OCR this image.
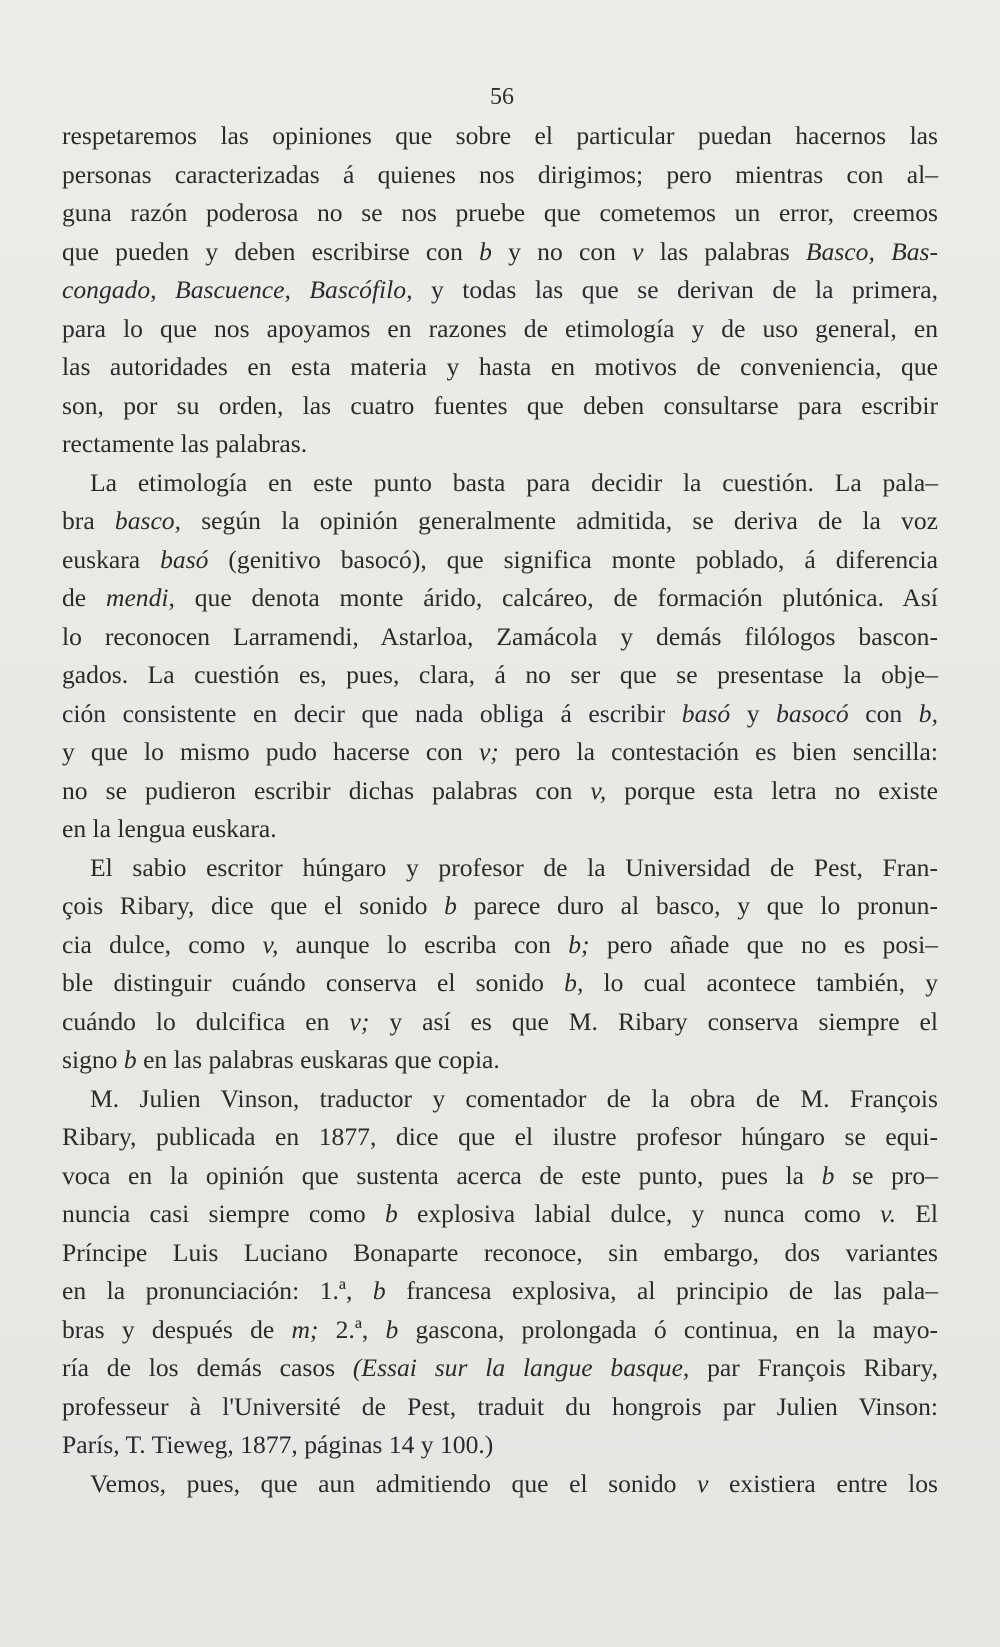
56
respetaremos las opiniones que sobre el particular puedan hacernos las
personas caracterizadas á quienes nos dirigimos; pero mientras con al–
guna razón poderosa no se nos pruebe que cometemos un error, creemos
que pueden y deben escribirse con b y no con v las palabras Basco, Bas-
congado, Bascuence, Bascófilo, y todas las que se derivan de la primera,
para lo que nos apoyamos en razones de etimología y de uso general, en
las autoridades en esta materia y hasta en motivos de conveniencia, que
son, por su orden, las cuatro fuentes que deben consultarse para escribir
rectamente las palabras.
La etimología en este punto basta para decidir la cuestión. La pala–
bra basco, según la opinión generalmente admitida, se deriva de la voz
euskara basó (genitivo basocó), que significa monte poblado, á diferencia
de mendi, que denota monte árido, calcáreo, de formación plutónica. Así
lo reconocen Larramendi, Astarloa, Zamácola y demás filólogos bascon-
gados. La cuestión es, pues, clara, á no ser que se presentase la obje–
ción consistente en decir que nada obliga á escribir basó y basocó con b,
y que lo mismo pudo hacerse con v; pero la contestación es bien sencilla:
no se pudieron escribir dichas palabras con v, porque esta letra no existe
en la lengua euskara.
El sabio escritor húngaro y profesor de la Universidad de Pest, Fran-
çois Ribary, dice que el sonido b parece duro al basco, y que lo pronun-
cia dulce, como v, aunque lo escriba con b; pero añade que no es posi–
ble distinguir cuándo conserva el sonido b, lo cual acontece también, y
cuándo lo dulcifica en v; y así es que M. Ribary conserva siempre el
signo b en las palabras euskaras que copia.
M. Julien Vinson, traductor y comentador de la obra de M. François
Ribary, publicada en 1877, dice que el ilustre profesor húngaro se equi-
voca en la opinión que sustenta acerca de este punto, pues la b se pro–
nuncia casi siempre como b explosiva labial dulce, y nunca como v. El
Príncipe Luis Luciano Bonaparte reconoce, sin embargo, dos variantes
en la pronunciación: 1.ª, b francesa explosiva, al principio de las pala–
bras y después de m; 2.ª, b gascona, prolongada ó continua, en la mayo-
ría de los demás casos (Essai sur la langue basque, par François Ribary,
professeur à l'Université de Pest, traduit du hongrois par Julien Vinson:
París, T. Tieweg, 1877, páginas 14 y 100.)
Vemos, pues, que aun admitiendo que el sonido v existiera entre los
